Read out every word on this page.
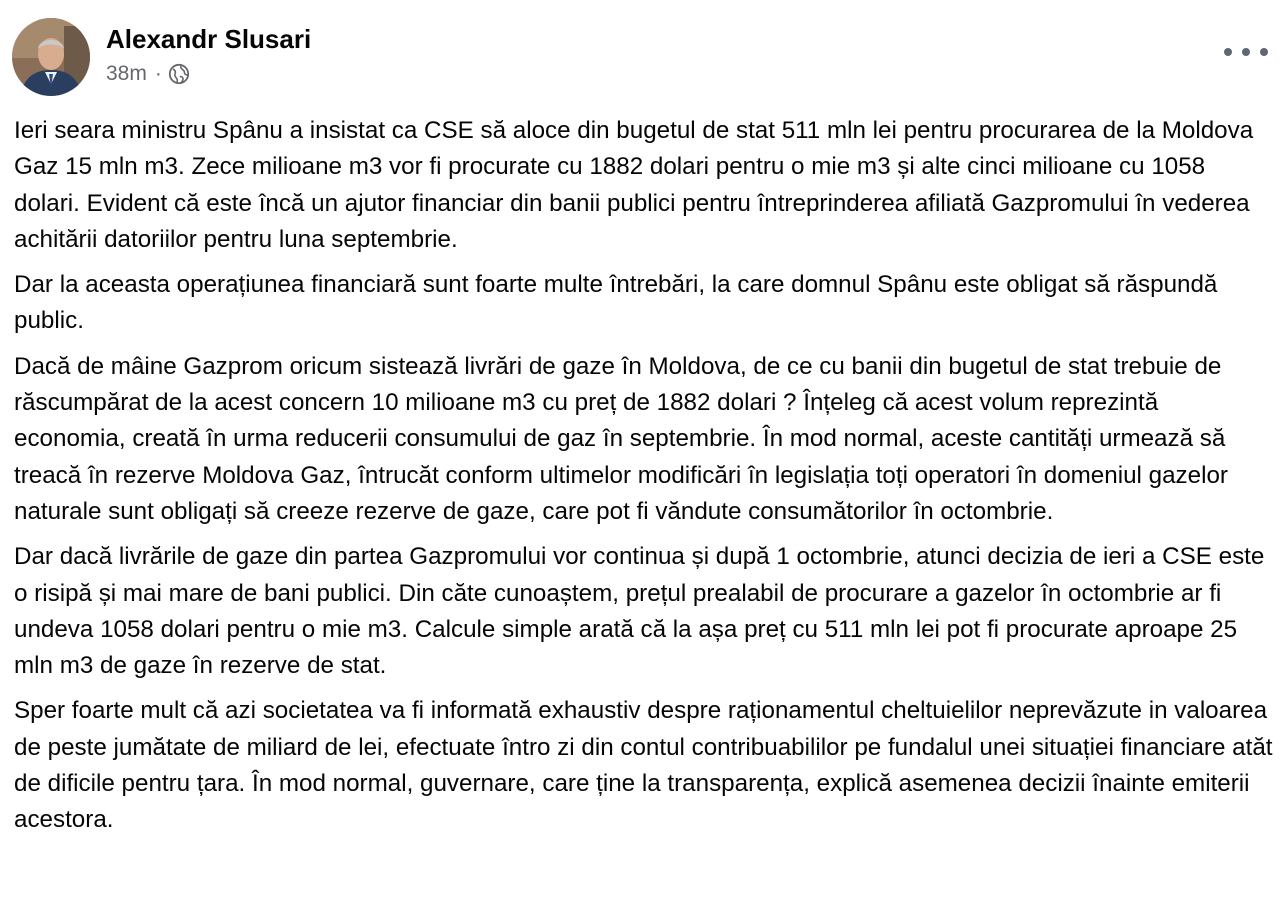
Alexandr Slusari
38m ·

Ieri seara ministru Spânu a insistat ca CSE să aloce din bugetul de stat 511 mln lei pentru procurarea de la Moldova Gaz 15 mln m3. Zece milioane m3 vor fi procurate cu 1882 dolari pentru o mie m3 și alte cinci milioane cu 1058 dolari. Evident că este încă un ajutor financiar din banii publici pentru întreprinderea afiliată Gazpromului în vederea achitării datoriilor pentru luna septembrie.

Dar la aceasta operațiunea financiară sunt foarte multe întrebări, la care domnul Spânu este obligat să răspundă public.

Dacă de mâine Gazprom oricum sistează livrări de gaze în Moldova, de ce cu banii din bugetul de stat trebuie de răscumpărat de la acest concern 10 milioane m3 cu preț de 1882 dolari ? Înțeleg că acest volum reprezintă economia, creată în urma reducerii consumului de gaz în septembrie. În mod normal, aceste cantități urmează să treacă în rezerve Moldova Gaz, întrucăt conform ultimelor modificări în legislația toți operatori în domeniul gazelor naturale sunt obligați să creeze rezerve de gaze, care pot fi văndute consumătorilor în octombrie.

Dar dacă livrările de gaze din partea Gazpromului vor continua și după 1 octombrie, atunci decizia de ieri a CSE este o risipă și mai mare de bani publici. Din căte cunoaștem, prețul prealabil de procurare a gazelor în octombrie ar fi undeva 1058 dolari pentru o mie m3. Calcule simple arată că la așa preț cu 511 mln lei pot fi procurate aproape 25 mln m3 de gaze în rezerve de stat.

Sper foarte mult că azi societatea va fi informată exhaustiv despre raționamentul cheltuielilor neprevăzute in valoarea de peste jumătate de miliard de lei, efectuate întro zi din contul contribuabililor pe fundalul unei situației financiare atăt de dificile pentru țara. În mod normal, guvernare, care ține la transparența, explică asemenea decizii înainte emiterii acestora.
